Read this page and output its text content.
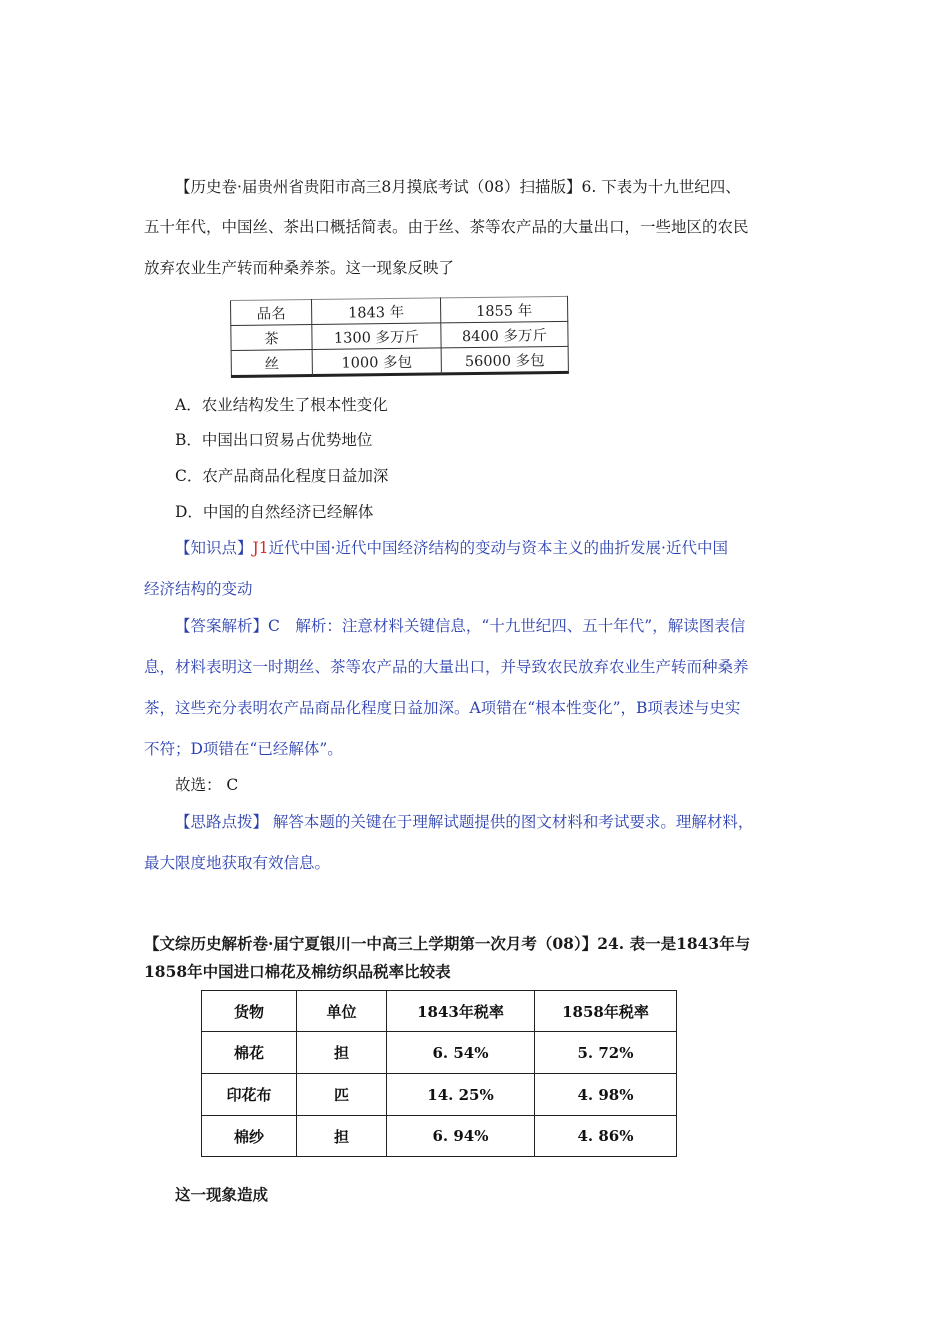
【历史卷·届贵州省贵阳市高三8月摸底考试（08）扫描版】6. 下表为十九世纪四、

五十年代，中国丝、茶出口概括简表。由于丝、茶等农产品的大量出口，一些地区的农民

放弃农业生产转而种桑养茶。这一现象反映了

品名	1843 年	1855 年
茶	1300 多万斤	8400 多万斤
丝	1000 多包	56000 多包

A．农业结构发生了根本性变化

B．中国出口贸易占优势地位

C．农产品商品化程度日益加深

D．中国的自然经济已经解体

【知识点】J1近代中国·近代中国经济结构的变动与资本主义的曲折发展·近代中国

经济结构的变动

【答案解析】C　解析：注意材料关键信息，“十九世纪四、五十年代”，解读图表信

息，材料表明这一时期丝、茶等农产品的大量出口，并导致农民放弃农业生产转而种桑养

茶，这些充分表明农产品商品化程度日益加深。A项错在“根本性变化”，B项表述与史实

不符；D项错在“已经解体”。

故选： C

【思路点拨】 解答本题的关键在于理解试题提供的图文材料和考试要求。理解材料，

最大限度地获取有效信息。

【文综历史解析卷·届宁夏银川一中高三上学期第一次月考（08）】24. 表一是1843年与

1858年中国进口棉花及棉纺织品税率比较表

货物	单位	1843年税率	1858年税率
棉花	担	6. 54%	5. 72%
印花布	匹	14. 25%	4. 98%
棉纱	担	6. 94%	4. 86%

这一现象造成
